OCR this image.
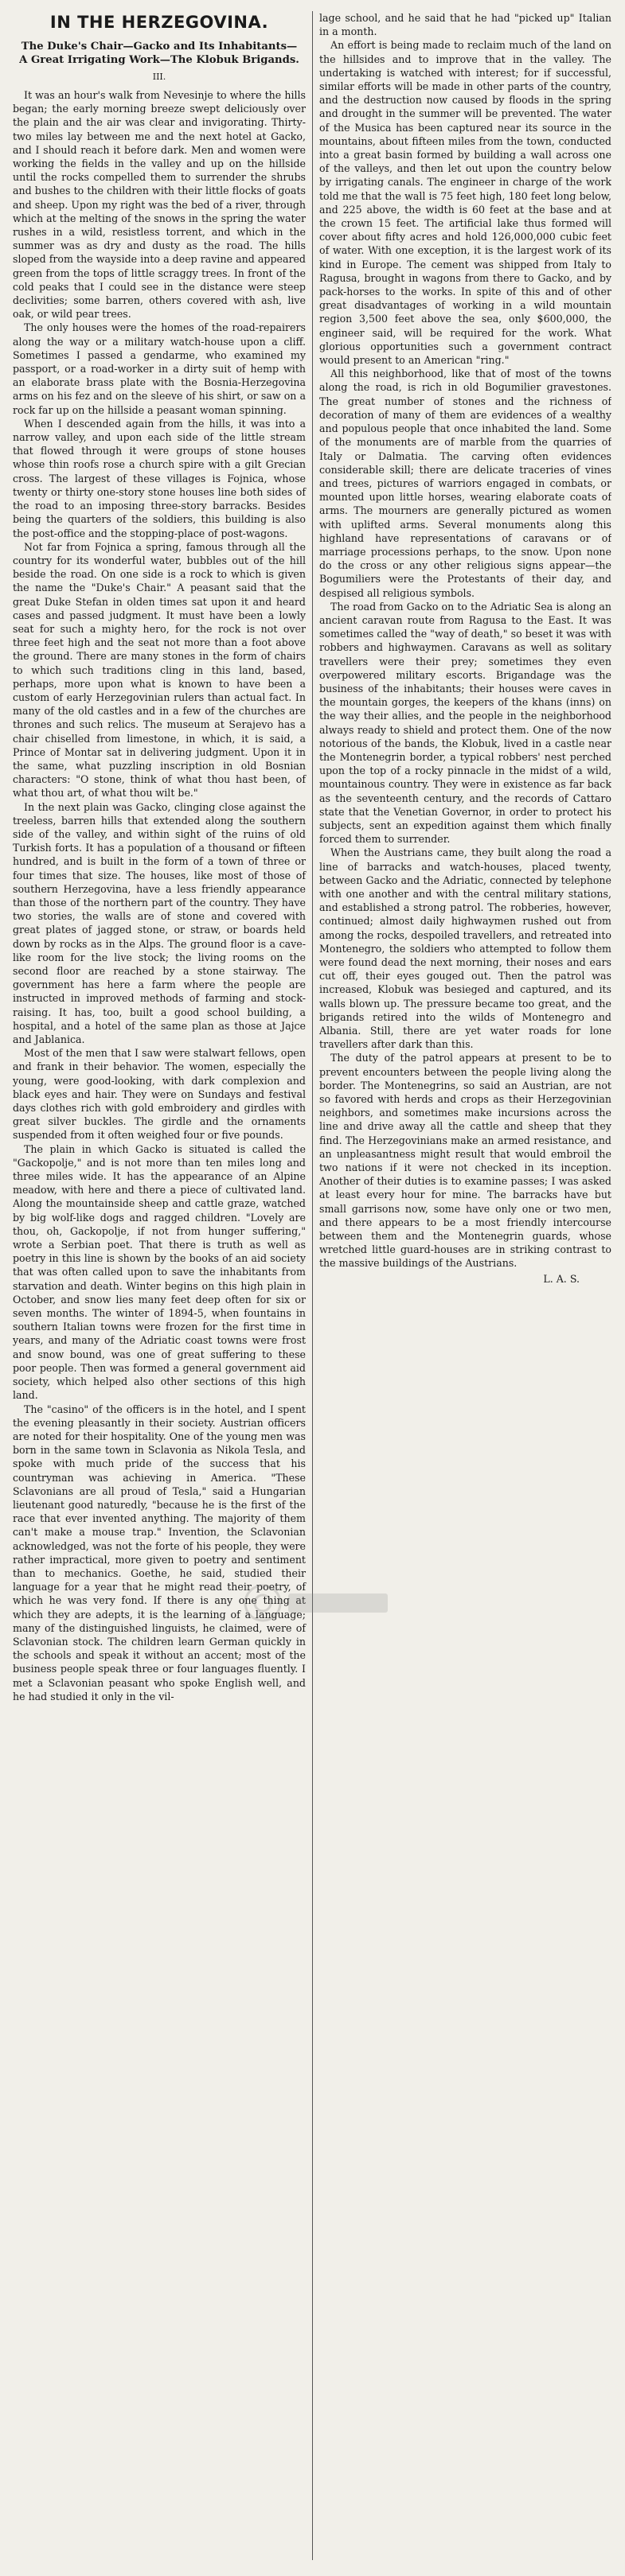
IN THE HERZEGOVINA.
The Duke's Chair—Gacko and Its Inhabitants—A Great Irrigating Work—The Klobuk Brigands.
III.

It was an hour's walk from Nevesinje to where the hills began; the early morning breeze swept deliciously over the plain and the air was clear and invigorating. Thirty-two miles lay between me and the next hotel at Gacko, and I should reach it before dark. Men and women were working the fields in the valley and up on the hillside until the rocks compelled them to surrender the shrubs and bushes to the children with their little flocks of goats and sheep. Upon my right was the bed of a river, through which at the melting of the snows in the spring the water rushes in a wild, resistless torrent, and which in the summer was as dry and dusty as the road. The hills sloped from the wayside into a deep ravine and appeared green from the tops of little scraggy trees. In front of the cold peaks that I could see in the distance were steep declivities; some barren, others covered with ash, live oak, or wild pear trees.

The only houses were the homes of the road-repairers along the way or a military watch-house upon a cliff. Sometimes I passed a gendarme, who examined my passport, or a road-worker in a dirty suit of hemp with an elaborate brass plate with the Bosnia-Herzegovina arms on his fez and on the sleeve of his shirt, or saw on a rock far up on the hillside a peasant woman spinning.

When I descended again from the hills, it was into a narrow valley, and upon each side of the little stream that flowed through it were groups of stone houses whose thin roofs rose a church spire with a gilt Grecian cross. The largest of these villages is Fojnica, whose twenty or thirty one-story stone houses line both sides of the road to an imposing three-story barracks. Besides being the quarters of the soldiers, this building is also the post-office and the stopping-place of post-wagons.

Not far from Fojnica a spring, famous through all the country for its wonderful water, bubbles out of the hill beside the road. On one side is a rock to which is given the name the "Duke's Chair." A peasant said that the great Duke Stefan in olden times sat upon it and heard cases and passed judgment. It must have been a lowly seat for such a mighty hero, for the rock is not over three feet high and the seat not more than a foot above the ground. There are many stones in the form of chairs to which such traditions cling in this land, based, perhaps, more upon what is known to have been a custom of early Herzegovinian rulers than actual fact. In many of the old castles and in a few of the churches are thrones and such relics. The museum at Serajevo has a chair chiselled from limestone, in which, it is said, a Prince of Montar sat in delivering judgment. Upon it in the same, what puzzling inscription in old Bosnian characters: "O stone, think of what thou hast been, of what thou art, of what thou wilt be."

In the next plain was Gacko, clinging close against the treeless, barren hills that extended along the southern side of the valley, and within sight of the ruins of old Turkish forts. It has a population of a thousand or fifteen hundred, and is built in the form of a town of three or four times that size. The houses, like most of those of southern Herzegovina, have a less friendly appearance than those of the northern part of the country. They have two stories, the walls are of stone and covered with great plates of jagged stone, or straw, or boards held down by rocks as in the Alps. The ground floor is a cave-like room for the live stock; the living rooms on the second floor are reached by a stone stairway. The government has here a farm where the people are instructed in improved methods of farming and stock-raising. It has, too, built a good school building, a hospital, and a hotel of the same plan as those at Jajce and Jablanica.

Most of the men that I saw were stalwart fellows, open and frank in their behavior. The women, especially the young, were good-looking, with dark complexion and black eyes and hair. They were on Sundays and festival days clothes rich with gold embroidery and girdles with great silver buckles. The girdle and the ornaments suspended from it often weighed four or five pounds.

The plain in which Gacko is situated is called the "Gackopolje," and is not more than ten miles long and three miles wide. It has the appearance of an Alpine meadow, with here and there a piece of cultivated land. Along the mountainside sheep and cattle graze, watched by big wolf-like dogs and ragged children. "Lovely are thou, oh, Gackopolje, if not from hunger suffering," wrote a Serbian poet. That there is truth as well as poetry in this line is shown by the books of an aid society that was often called upon to save the inhabitants from starvation and death. Winter begins on this high plain in October, and snow lies many feet deep often for six or seven months. The winter of 1894-5, when fountains in southern Italian towns were frozen for the first time in years, and many of the Adriatic coast towns were frost and snow bound, was one of great suffering to these poor people. Then was formed a general government aid society, which helped also other sections of this high land.

The "casino" of the officers is in the hotel, and I spent the evening pleasantly in their society. Austrian officers are noted for their hospitality. One of the young men was born in the same town in Sclavonia as Nikola Tesla, and spoke with much pride of the success that his countryman was achieving in America. "These Sclavonians are all proud of Tesla," said a Hungarian lieutenant good naturedly, "because he is the first of the race that ever invented anything. The majority of them can't make a mouse trap." Invention, the Sclavonian acknowledged, was not the forte of his people, they were rather impractical, more given to poetry and sentiment than to mechanics. Goethe, he said, studied their language for a year that he might read their poetry, of which he was very fond. If there is any one thing at which they are adepts, it is the learning of a language; many of the distinguished linguists, he claimed, were of Sclavonian stock. The children learn German quickly in the schools and speak it without an accent; most of the business people speak three or four languages fluently. I met a Sclavonian peasant who spoke English well, and he had studied it only in the vil-

lage school, and he said that he had "picked up" Italian in a month.

An effort is being made to reclaim much of the land on the hillsides and to improve that in the valley. The undertaking is watched with interest; for if successful, similar efforts will be made in other parts of the country, and the destruction now caused by floods in the spring and drought in the summer will be prevented. The water of the Musica has been captured near its source in the mountains, about fifteen miles from the town, conducted into a great basin formed by building a wall across one of the valleys, and then let out upon the country below by irrigating canals. The engineer in charge of the work told me that the wall is 75 feet high, 180 feet long below, and 225 above, the width is 60 feet at the base and at the crown 15 feet. The artificial lake thus formed will cover about fifty acres and hold 126,000,000 cubic feet of water. With one exception, it is the largest work of its kind in Europe. The cement was shipped from Italy to Ragusa, brought in wagons from there to Gacko, and by pack-horses to the works. In spite of this and of other great disadvantages of working in a wild mountain region 3,500 feet above the sea, only $600,000, the engineer said, will be required for the work. What glorious opportunities such a government contract would present to an American "ring."

All this neighborhood, like that of most of the towns along the road, is rich in old Bogumilier gravestones. The great number of stones and the richness of decoration of many of them are evidences of a wealthy and populous people that once inhabited the land. Some of the monuments are of marble from the quarries of Italy or Dalmatia. The carving often evidences considerable skill; there are delicate traceries of vines and trees, pictures of warriors engaged in combats, or mounted upon little horses, wearing elaborate coats of arms. The mourners are generally pictured as women with uplifted arms. Several monuments along this highland have representations of caravans or of marriage processions perhaps, to the snow. Upon none do the cross or any other religious signs appear—the Bogumiliers were the Protestants of their day, and despised all religious symbols.

The road from Gacko on to the Adriatic Sea is along an ancient caravan route from Ragusa to the East. It was sometimes called the "way of death," so beset it was with robbers and highwaymen. Caravans as well as solitary travellers were their prey; sometimes they even overpowered military escorts. Brigandage was the business of the inhabitants; their houses were caves in the mountain gorges, the keepers of the khans (inns) on the way their allies, and the people in the neighborhood always ready to shield and protect them. One of the now notorious of the bands, the Klobuk, lived in a castle near the Montenegrin border, a typical robbers' nest perched upon the top of a rocky pinnacle in the midst of a wild, mountainous country. They were in existence as far back as the seventeenth century, and the records of Cattaro state that the Venetian Governor, in order to protect his subjects, sent an expedition against them which finally forced them to surrender.

When the Austrians came, they built along the road a line of barracks and watch-houses, placed twenty, between Gacko and the Adriatic, connected by telephone with one another and with the central military stations, and established a strong patrol. The robberies, however, continued; almost daily highwaymen rushed out from among the rocks, despoiled travellers, and retreated into Montenegro, the soldiers who attempted to follow them were found dead the next morning, their noses and ears cut off, their eyes gouged out. Then the patrol was increased, Klobuk was besieged and captured, and its walls blown up. The pressure became too great, and the brigands retired into the wilds of Montenegro and Albania. Still, there are yet water roads for lone travellers after dark than this.

The duty of the patrol appears at present to be to prevent encounters between the people living along the border. The Montenegrins, so said an Austrian, are not so favored with herds and crops as their Herzegovinian neighbors, and sometimes make incursions across the line and drive away all the cattle and sheep that they find. The Herzegovinians make an armed resistance, and an unpleasantness might result that would embroil the two nations if it were not checked in its inception. Another of their duties is to examine passes; I was asked at least every hour for mine. The barracks have but small garrisons now, some have only one or two men, and there appears to be a most friendly intercourse between them and the Montenegrin guards, whose wretched little guard-houses are in striking contrast to the massive buildings of the Austrians.

L. A. S.
